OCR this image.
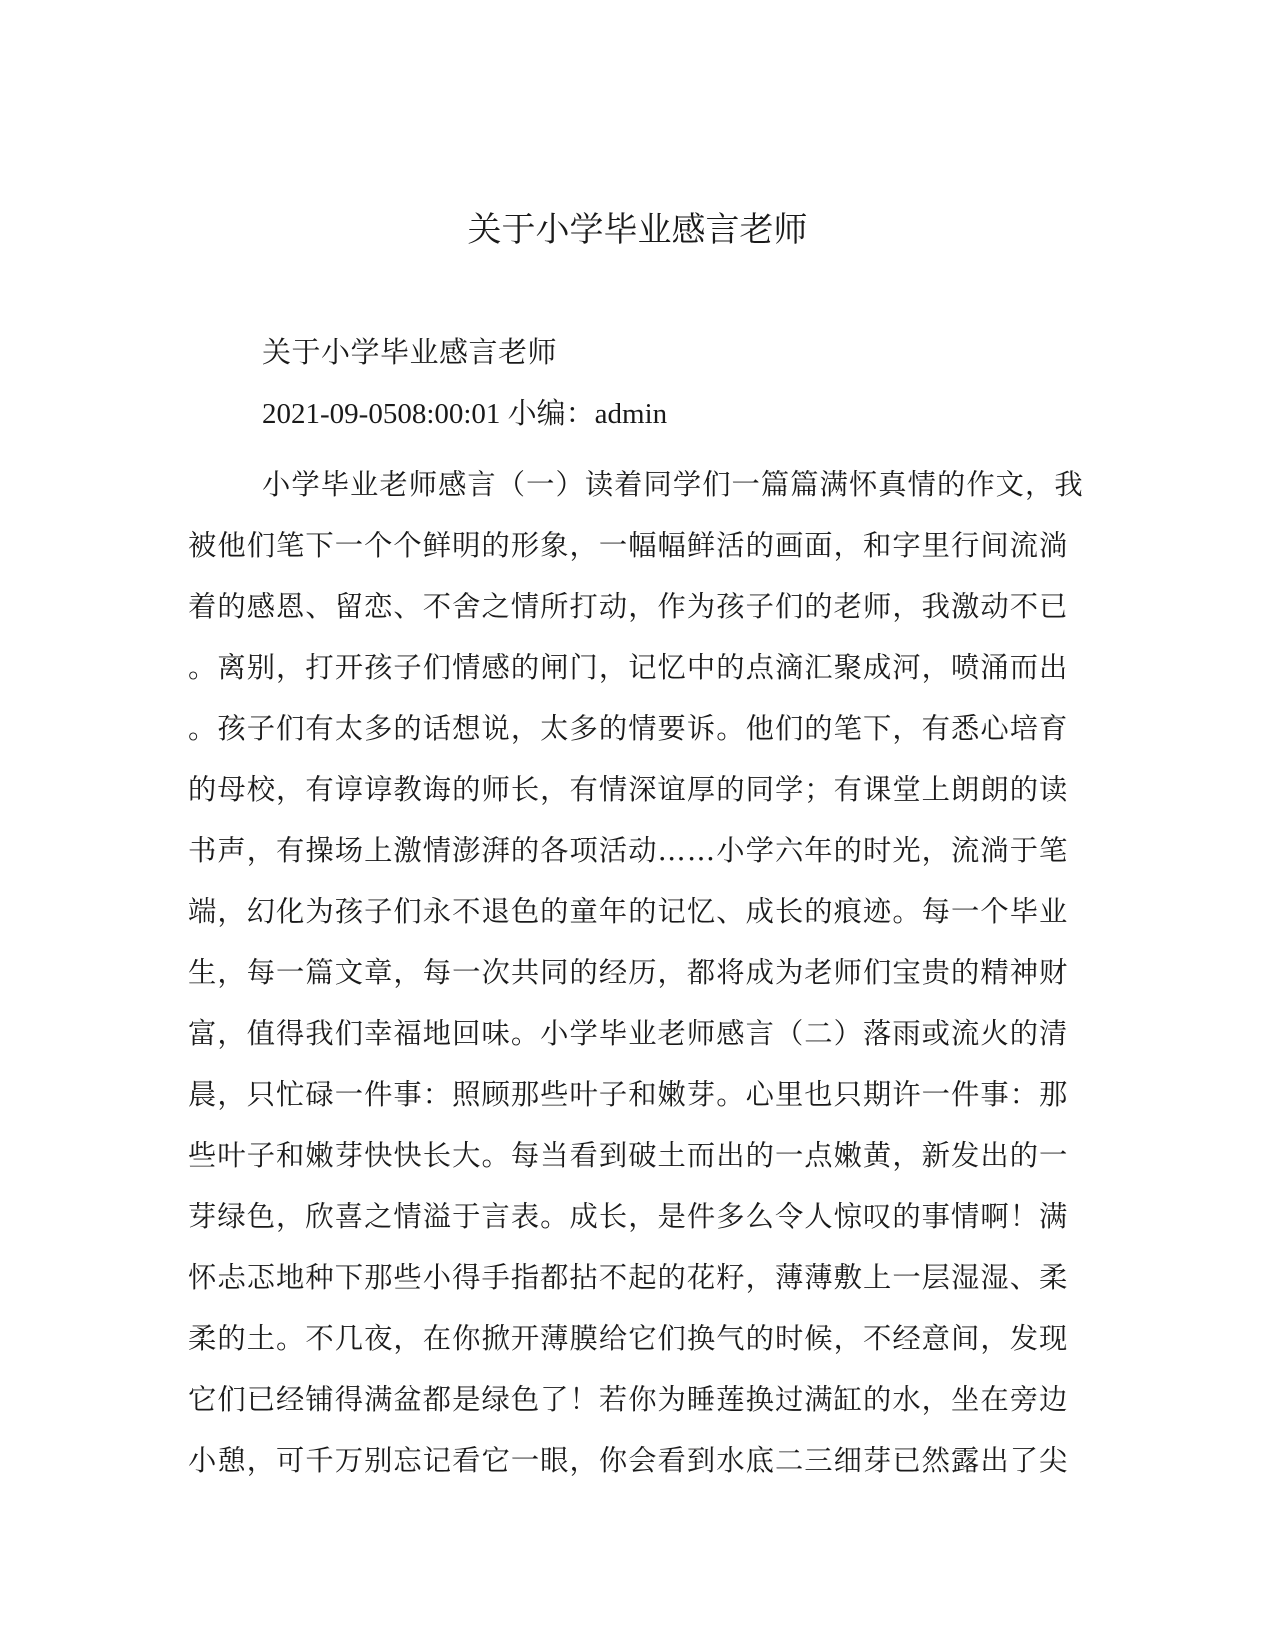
关于小学毕业感言老师

关于小学毕业感言老师

2021-09-0508:00:01 小编：admin

小学毕业老师感言（一）读着同学们一篇篇满怀真情的作文，我
被他们笔下一个个鲜明的形象，一幅幅鲜活的画面，和字里行间流淌
着的感恩、留恋、不舍之情所打动，作为孩子们的老师，我激动不已
。离别，打开孩子们情感的闸门，记忆中的点滴汇聚成河，喷涌而出
。孩子们有太多的话想说，太多的情要诉。他们的笔下，有悉心培育
的母校，有谆谆教诲的师长，有情深谊厚的同学；有课堂上朗朗的读
书声，有操场上激情澎湃的各项活动……小学六年的时光，流淌于笔
端，幻化为孩子们永不退色的童年的记忆、成长的痕迹。每一个毕业
生，每一篇文章，每一次共同的经历，都将成为老师们宝贵的精神财
富，值得我们幸福地回味。小学毕业老师感言（二）落雨或流火的清
晨，只忙碌一件事：照顾那些叶子和嫩芽。心里也只期许一件事：那
些叶子和嫩芽快快长大。每当看到破土而出的一点嫩黄，新发出的一
芽绿色，欣喜之情溢于言表。成长，是件多么令人惊叹的事情啊！满
怀忐忑地种下那些小得手指都拈不起的花籽，薄薄敷上一层湿湿、柔
柔的土。不几夜，在你掀开薄膜给它们换气的时候，不经意间，发现
它们已经铺得满盆都是绿色了！若你为睡莲换过满缸的水，坐在旁边
小憩，可千万别忘记看它一眼，你会看到水底二三细芽已然露出了尖
